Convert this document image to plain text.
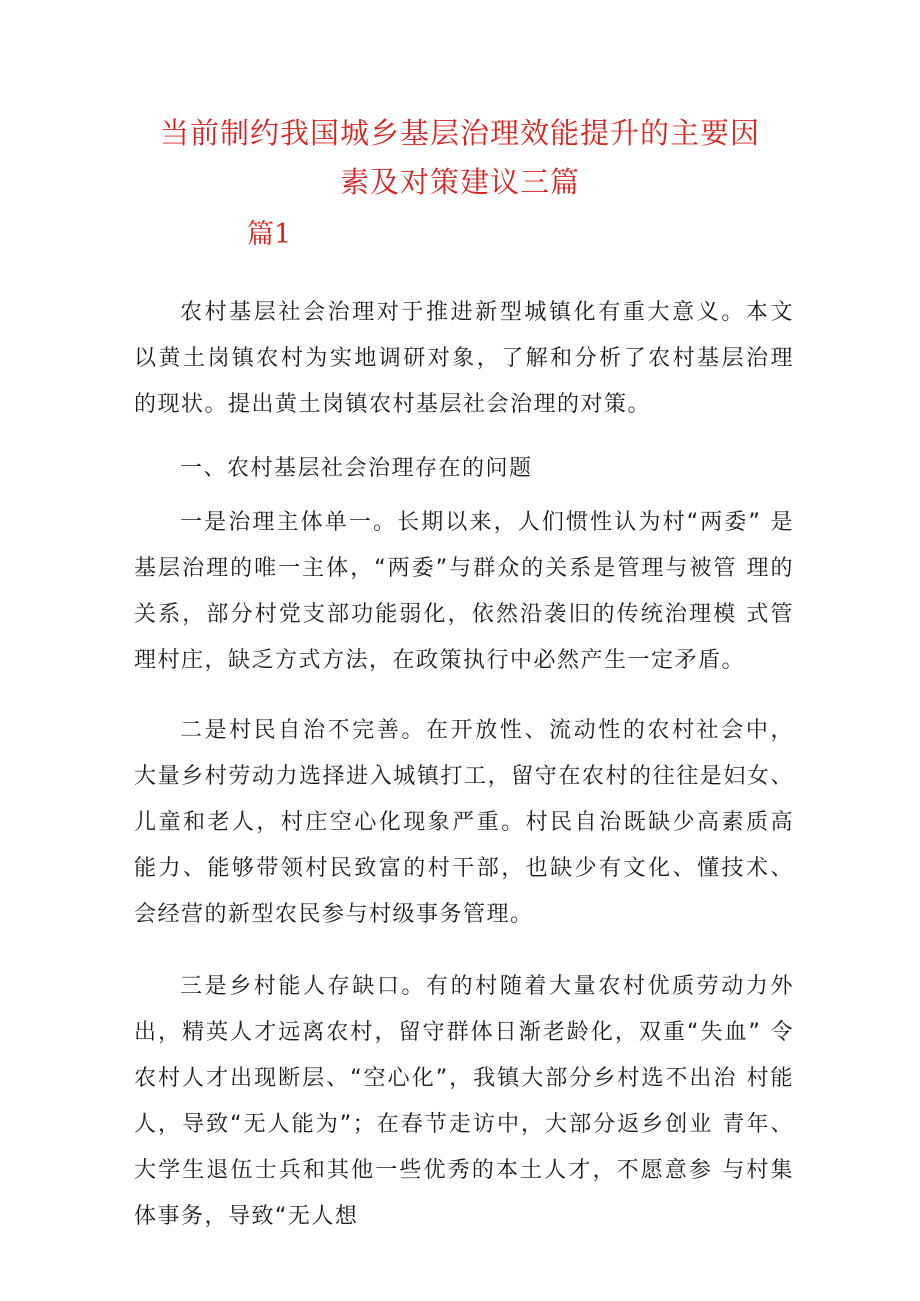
当前制约我国城乡基层治理效能提升的主要因
素及对策建议三篇
篇1

农村基层社会治理对于推进新型城镇化有重大意义。本文 以黄土岗镇农村为实地调研对象，了解和分析了农村基层治理 的现状。提出黄土岗镇农村基层社会治理的对策。

一、农村基层社会治理存在的问题

一是治理主体单一。长期以来，人们惯性认为村“两委” 是基层治理的唯一主体，“两委”与群众的关系是管理与被管 理的关系，部分村党支部功能弱化，依然沿袭旧的传统治理模 式管理村庄，缺乏方式方法，在政策执行中必然产生一定矛盾。

二是村民自治不完善。在开放性、流动性的农村社会中， 大量乡村劳动力选择进入城镇打工，留守在农村的往往是妇女、 儿童和老人，村庄空心化现象严重。村民自治既缺少高素质高 能力、能够带领村民致富的村干部，也缺少有文化、懂技术、 会经营的新型农民参与村级事务管理。

三是乡村能人存缺口。有的村随着大量农村优质劳动力外 出，精英人才远离农村，留守群体日渐老龄化，双重“失血” 令农村人才出现断层、“空心化”，我镇大部分乡村选不出治 村能人，导致“无人能为”；在春节走访中，大部分返乡创业 青年、大学生退伍士兵和其他一些优秀的本土人才，不愿意参 与村集体事务，导致“无人想
